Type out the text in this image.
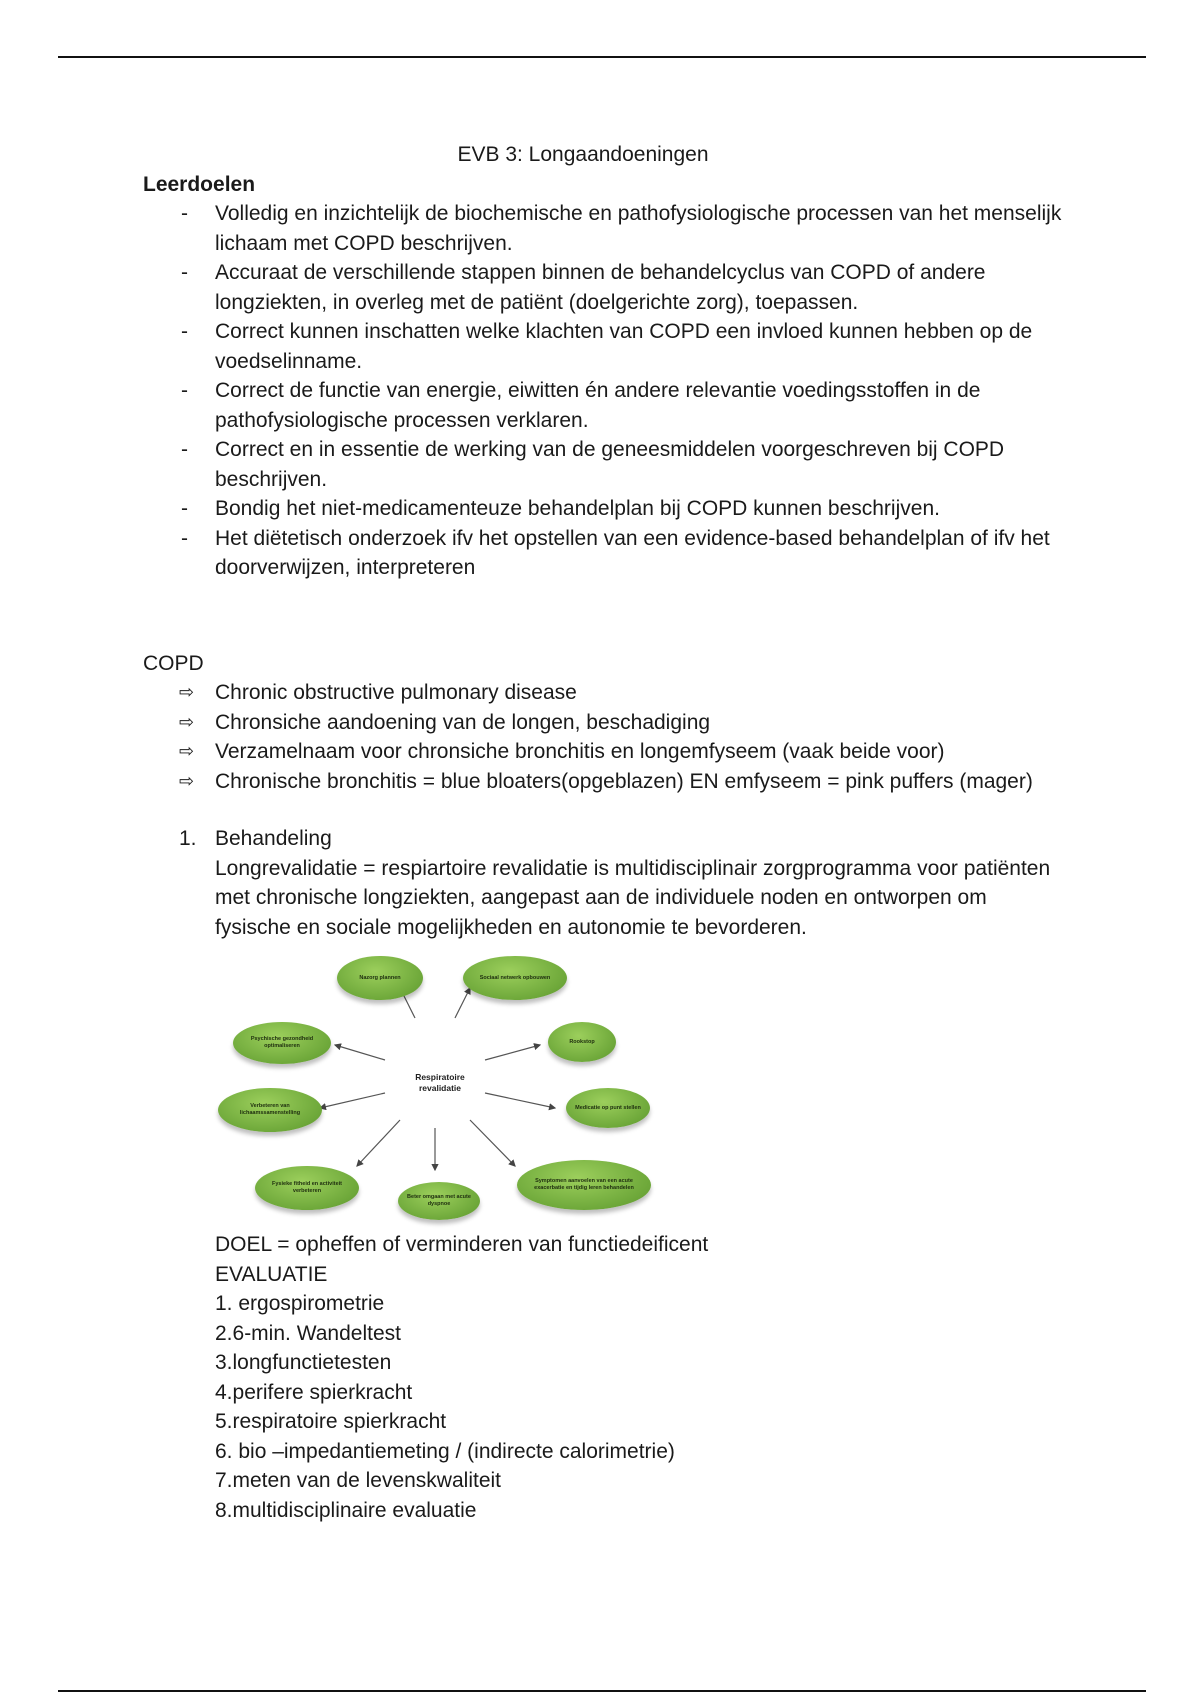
EVB 3: Longaandoeningen
Leerdoelen
- Volledig en inzichtelijk de biochemische en pathofysiologische processen van het menselijk lichaam met COPD beschrijven.
- Accuraat de verschillende stappen binnen de behandelcyclus van COPD of andere longziekten, in overleg met de patiënt (doelgerichte zorg), toepassen.
- Correct kunnen inschatten welke klachten van COPD een invloed kunnen hebben op de voedselinname.
- Correct de functie van energie, eiwitten én andere relevantie voedingsstoffen in de pathofysiologische processen verklaren.
- Correct en in essentie de werking van de geneesmiddelen voorgeschreven bij COPD beschrijven.
- Bondig het niet-medicamenteuze behandelplan bij COPD kunnen beschrijven.
- Het diëtetisch onderzoek ifv het opstellen van een evidence-based behandelplan of ifv het doorverwijzen, interpreteren
COPD
⇨ Chronic obstructive pulmonary disease
⇨ Chronsiche aandoening van de longen, beschadiging
⇨ Verzamelnaam voor chronsiche bronchitis en longemfyseem (vaak beide voor)
⇨ Chronische bronchitis = blue bloaters(opgeblazen) EN emfyseem = pink puffers (mager)
1. Behandeling
Longrevalidatie = respiartoire revalidatie is multidisciplinair zorgprogramma voor patiënten met chronische longziekten, aangepast aan de individuele noden en ontworpen om fysische en sociale mogelijkheden en autonomie te bevorderen.
Respiratoire revalidatie
Nazorg plannen	Sociaal netwerk opbouwen
Psychische gezondheid optimaliseren
Rookstop
Verbeteren van lichaamssamenstelling
Medicatie op punt stellen
Fysieke fitheid en activiteit verbeteren
Beter omgaan met acute dyspnoe
Symptomen aanvoelen van een acute exacerbatie en tijdig leren behandelen

DOEL = opheffen of verminderen van functiedeificent

EVALUATIE

1. ergospirometrie

2.6-min. Wandeltest

3.longfunctietesten

4.perifere spierkracht

5.respiratoire spierkracht

6. bio –impedantiemeting / (indirecte calorimetrie)

7.meten van de levenskwaliteit

8.multidisciplinaire evaluatie
